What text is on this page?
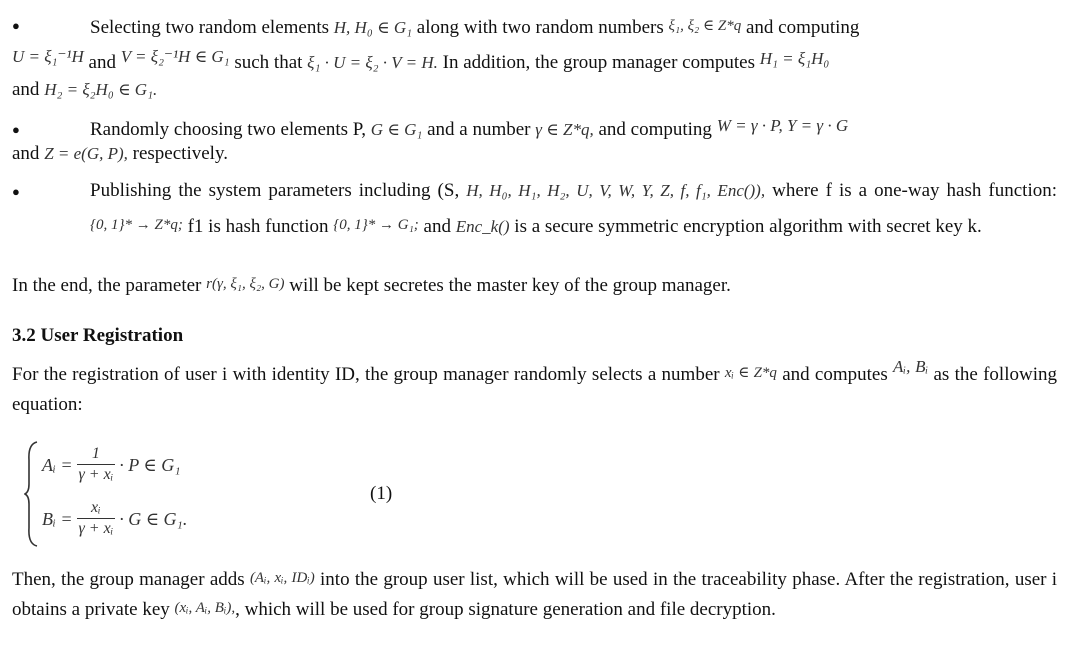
●	Selecting two random elements H, H₀ ∈ G₁ along with two random numbers ξ₁, ξ₂ ∈ Z*q and computing
U = ξ₁⁻¹H and V = ξ₂⁻¹H ∈ G₁ such that ξ₁ · U = ξ₂ · V = H. In addition, the group manager computes H₁ = ξ₁H₀
and H₂ = ξ₂H₀ ∈ G₁.
●	Randomly choosing two elements P, G ∈ G₁ and a number γ ∈ Z*q, and computing W = γ · P, Y = γ · G
and Z = e(G, P), respectively.
●	Publishing the system parameters including (S, H, H₀, H₁, H₂, U, V, W, Y, Z, f, f₁, Enc()), where f is a one-way hash function: {0, 1}* → Z*q; f1 is hash function {0, 1}* → G₁; and Enc_k() is a secure symmetric encryption algorithm with secret key k.
In the end, the parameter r(γ, ξ₁, ξ₂, G) will be kept secretes the master key of the group manager.
3.2 User Registration
For the registration of user i with identity ID, the group manager randomly selects a number xᵢ ∈ Z*q and computes Aᵢ, Bᵢ as the following equation:
Aᵢ = $\frac{1}{\text{γ + xᵢ}} \cdot P$ ∈ G₁
Bᵢ = $\frac{\text{xᵢ}}{\text{γ + xᵢ}} \cdot G$ ∈ G₁.
(1)
Then, the group manager adds (Aᵢ, xᵢ, IDᵢ) into the group user list, which will be used in the traceability phase. After the registration, user i obtains a private key (xᵢ, Aᵢ, Bᵢ),, which will be used for group signature generation and file decryption.
